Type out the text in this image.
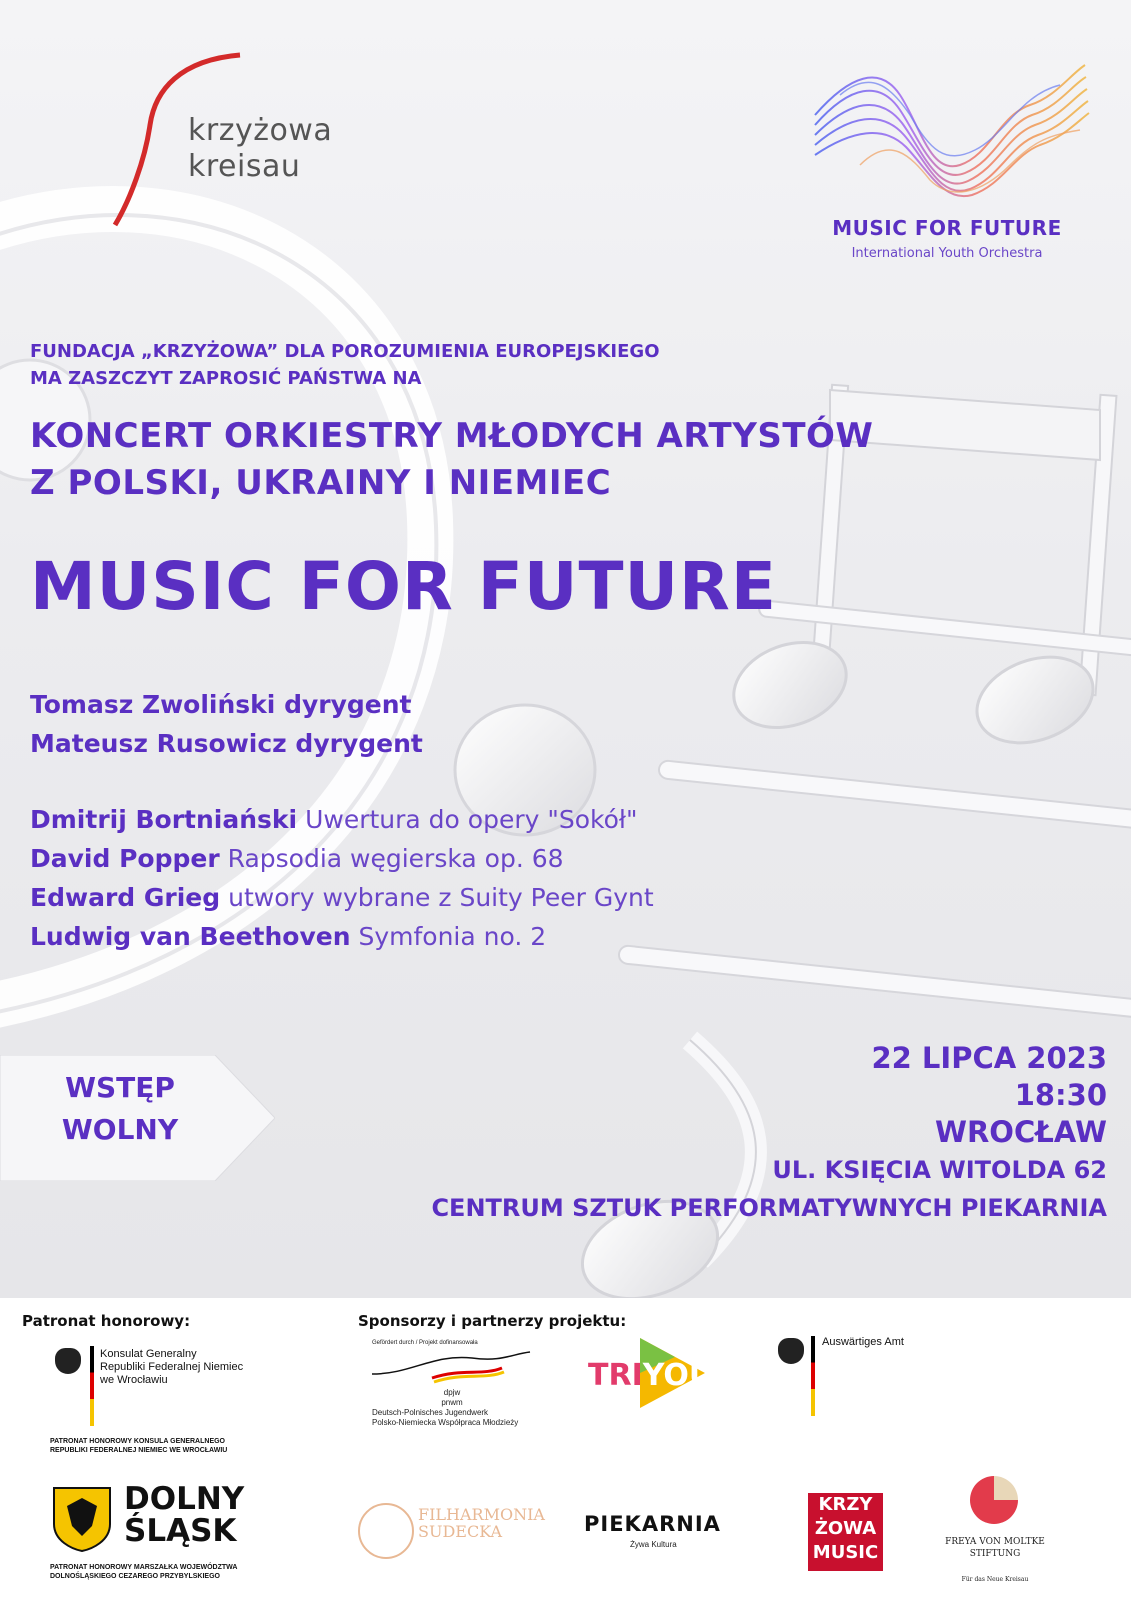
krzyżowa
kreisau
MUSIC FOR FUTURE
International Youth Orchestra
FUNDACJA „KRZYŻOWA” DLA POROZUMIENIA EUROPEJSKIEGO
MA ZASZCZYT ZAPROSIĆ PAŃSTWA NA
KONCERT ORKIESTRY MŁODYCH ARTYSTÓW
Z POLSKI, UKRAINY I NIEMIEC
MUSIC FOR FUTURE
Tomasz Zwoliński dyrygent
Mateusz Rusowicz dyrygent
Dmitrij Bortniański Uwertura do opery "Sokół"
David Popper Rapsodia węgierska op. 68
Edward Grieg utwory wybrane z Suity Peer Gynt
Ludwig van Beethoven Symfonia no. 2
WSTĘP
WOLNY
22 LIPCA 2023
18:30
WROCŁAW
UL. KSIĘCIA WITOLDA 62
CENTRUM SZTUK PERFORMATYWNYCH PIEKARNIA
Patronat honorowy:	Sponsorzy i partnerzy projektu:
Konsulat Generalny
Republiki Federalnej Niemiec
we Wrocławiu
PATRONAT HONOROWY KONSULA GENERALNEGO
REPUBLIKI FEDERALNEJ NIEMIEC WE WROCŁAWIU
DOLNY
ŚLĄSK
PATRONAT HONOROWY MARSZAŁKA WOJEWÓDZTWA
DOLNOŚLĄSKIEGO CEZAREGO PRZYBYLSKIEGO
Gefördert durch / Projekt dofinansowała
dpjw
pnwm
Deutsch-Polnisches Jugendwerk
Polsko-Niemiecka Współpraca Młodzieży
TRIYOU
Auswärtiges Amt
FILHARMONIA
SUDECKA	PIEKARNIA
Żywa Kultura
KRZY
ŻOWA
MUSIC	FREYA VON MOLTKE
STIFTUNG
Für das Neue Kreisau
